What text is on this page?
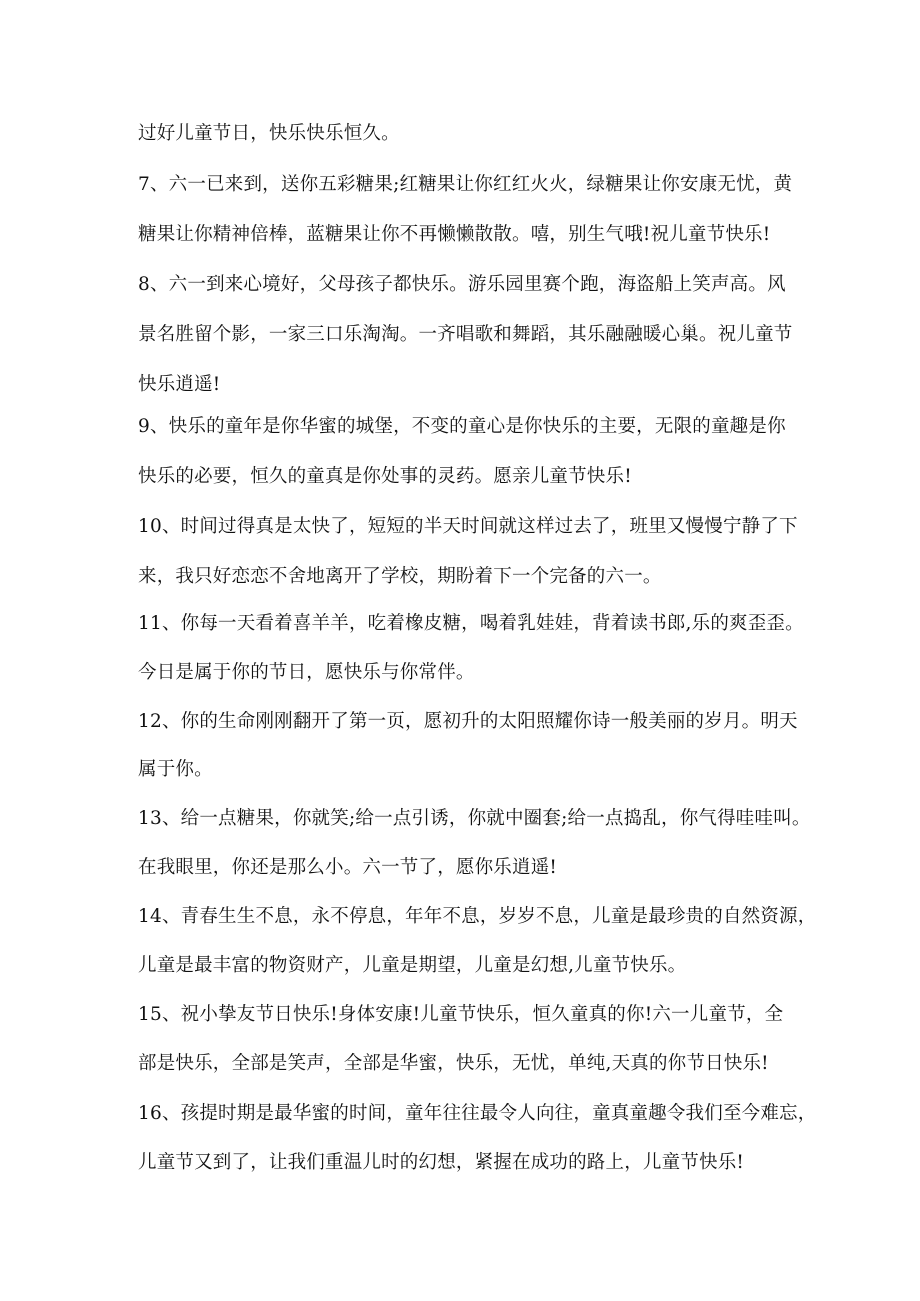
过好儿童节日，快乐快乐恒久。

7、六一已来到，送你五彩糖果;红糖果让你红红火火，绿糖果让你安康无忧，黄

糖果让你精神倍棒，蓝糖果让你不再懒懒散散。嘻，别生气哦!祝儿童节快乐!

8、六一到来心境好，父母孩子都快乐。游乐园里赛个跑，海盗船上笑声高。风

景名胜留个影，一家三口乐淘淘。一齐唱歌和舞蹈，其乐融融暖心巢。祝儿童节

快乐逍遥!

9、快乐的童年是你华蜜的城堡，不变的童心是你快乐的主要，无限的童趣是你

快乐的必要，恒久的童真是你处事的灵药。愿亲儿童节快乐!

10、时间过得真是太快了，短短的半天时间就这样过去了，班里又慢慢宁静了下

来，我只好恋恋不舍地离开了学校，期盼着下一个完备的六一。

11、你每一天看着喜羊羊，吃着橡皮糖，喝着乳娃娃，背着读书郎,乐的爽歪歪。

今日是属于你的节日，愿快乐与你常伴。

12、你的生命刚刚翻开了第一页，愿初升的太阳照耀你诗一般美丽的岁月。明天

属于你。

13、给一点糖果，你就笑;给一点引诱，你就中圈套;给一点捣乱，你气得哇哇叫。

在我眼里，你还是那么小。六一节了，愿你乐逍遥!

14、青春生生不息，永不停息，年年不息，岁岁不息，儿童是最珍贵的自然资源，

儿童是最丰富的物资财产，儿童是期望，儿童是幻想,儿童节快乐。

15、祝小挚友节日快乐!身体安康!儿童节快乐，恒久童真的你!六一儿童节，全

部是快乐，全部是笑声，全部是华蜜，快乐，无忧，单纯,天真的你节日快乐!

16、孩提时期是最华蜜的时间，童年往往最令人向往，童真童趣令我们至今难忘，

儿童节又到了，让我们重温儿时的幻想，紧握在成功的路上，儿童节快乐!
